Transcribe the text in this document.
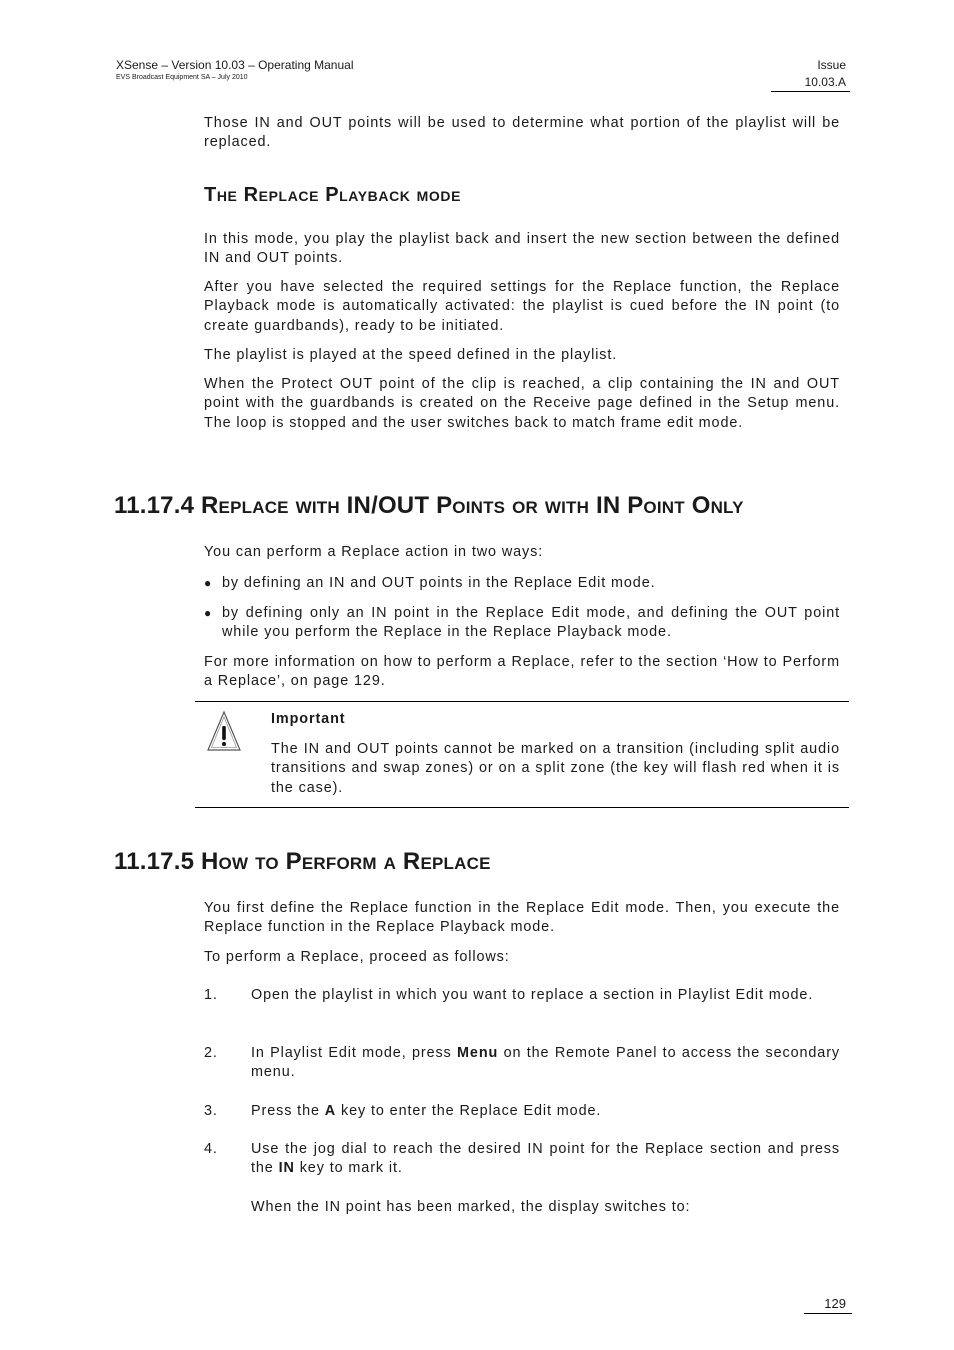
XSense – Version 10.03 – Operating Manual
EVS Broadcast Equipment SA – July 2010
Issue
10.03.A

Those IN and OUT points will be used to determine what portion of the playlist will be replaced.

The Replace Playback mode

In this mode, you play the playlist back and insert the new section between the defined IN and OUT points.

After you have selected the required settings for the Replace function, the Replace Playback mode is automatically activated: the playlist is cued before the IN point (to create guardbands), ready to be initiated.

The playlist is played at the speed defined in the playlist.

When the Protect OUT point of the clip is reached, a clip containing the IN and OUT point with the guardbands is created on the Receive page defined in the Setup menu. The loop is stopped and the user switches back to match frame edit mode.

11.17.4 Replace with IN/OUT Points or with IN Point Only

You can perform a Replace action in two ways:

● by defining an IN and OUT points in the Replace Edit mode.

● by defining only an IN point in the Replace Edit mode, and defining the OUT point while you perform the Replace in the Replace Playback mode.

For more information on how to perform a Replace, refer to the section ‘How to Perform a Replace’, on page 129.

Important

The IN and OUT points cannot be marked on a transition (including split audio transitions and swap zones) or on a split zone (the key will flash red when it is the case).

11.17.5 How to Perform a Replace

You first define the Replace function in the Replace Edit mode. Then, you execute the Replace function in the Replace Playback mode.

To perform a Replace, proceed as follows:

1. Open the playlist in which you want to replace a section in Playlist Edit mode.

2. In Playlist Edit mode, press Menu on the Remote Panel to access the secondary menu.

3. Press the A key to enter the Replace Edit mode.

4. Use the jog dial to reach the desired IN point for the Replace section and press the IN key to mark it.

When the IN point has been marked, the display switches to:

129
